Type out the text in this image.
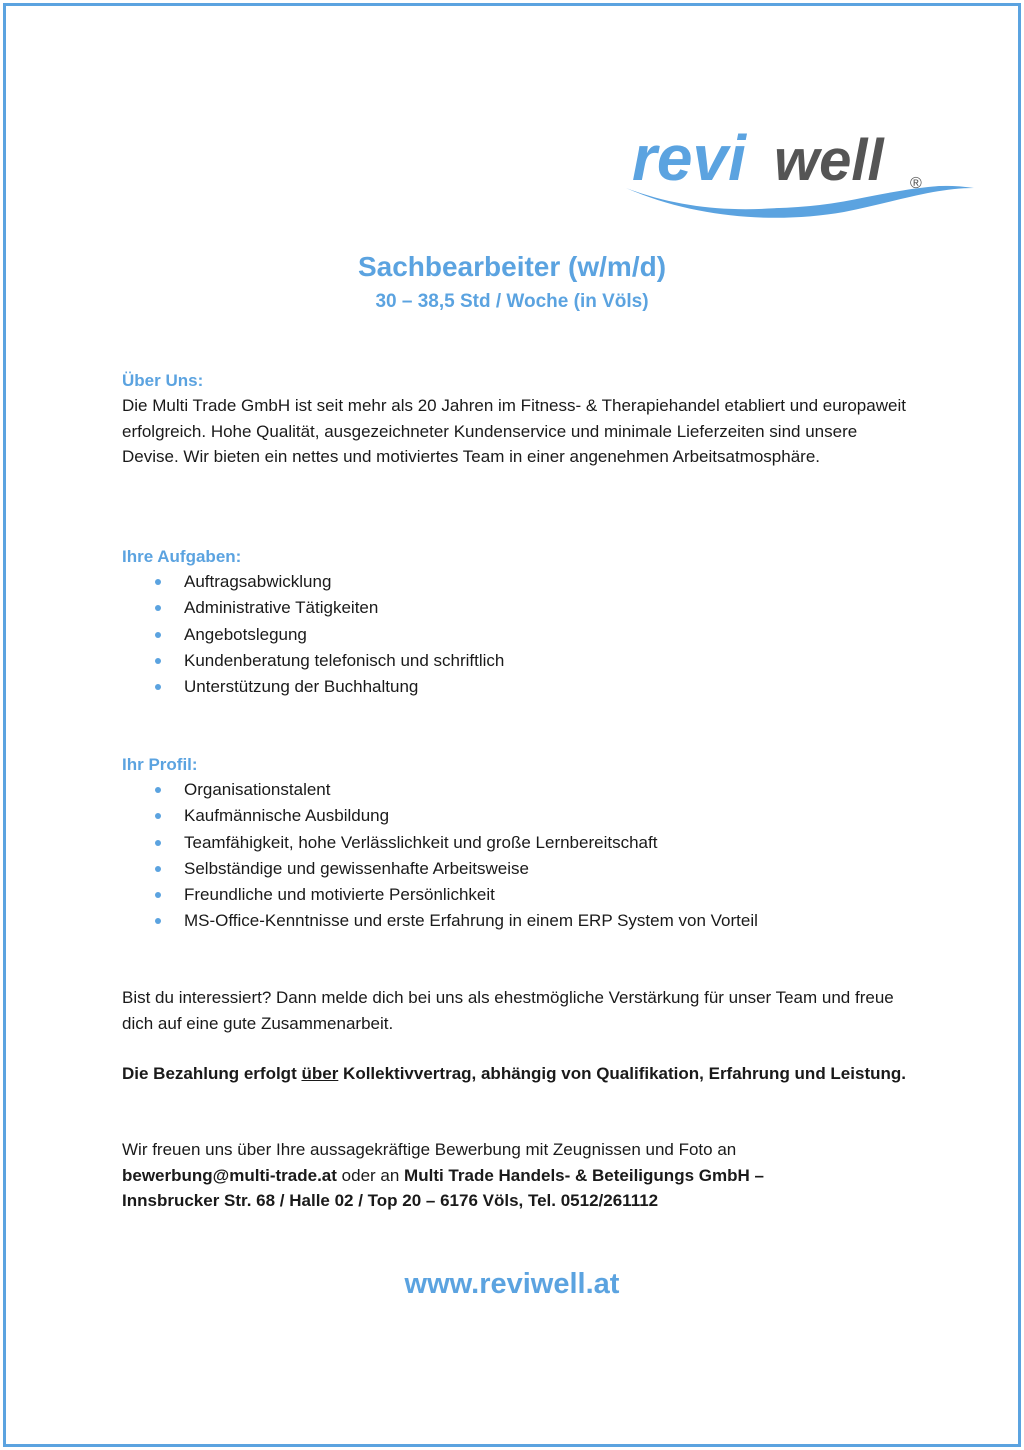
revi well ®
Sachbearbeiter (w/m/d)
30 – 38,5 Std / Woche (in Völs)
Über Uns:
Die Multi Trade GmbH ist seit mehr als 20 Jahren im Fitness- & Therapiehandel etabliert und europaweit erfolgreich. Hohe Qualität, ausgezeichneter Kundenservice und minimale Lieferzeiten sind unsere Devise. Wir bieten ein nettes und motiviertes Team in einer angenehmen Arbeitsatmosphäre.
Ihre Aufgaben:
Auftragsabwicklung
Administrative Tätigkeiten
Angebotslegung
Kundenberatung telefonisch und schriftlich
Unterstützung der Buchhaltung
Ihr Profil:
Organisationstalent
Kaufmännische Ausbildung
Teamfähigkeit, hohe Verlässlichkeit und große Lernbereitschaft
Selbständige und gewissenhafte Arbeitsweise
Freundliche und motivierte Persönlichkeit
MS-Office-Kenntnisse und erste Erfahrung in einem ERP System von Vorteil
Bist du interessiert? Dann melde dich bei uns als ehestmögliche Verstärkung für unser Team und freue dich auf eine gute Zusammenarbeit.
Die Bezahlung erfolgt über Kollektivvertrag, abhängig von Qualifikation, Erfahrung und Leistung.
Wir freuen uns über Ihre aussagekräftige Bewerbung mit Zeugnissen und Foto an
bewerbung@multi-trade.at oder an Multi Trade Handels- & Beteiligungs GmbH –
Innsbrucker Str. 68 / Halle 02 / Top 20 – 6176 Völs, Tel. 0512/261112
www.reviwell.at
